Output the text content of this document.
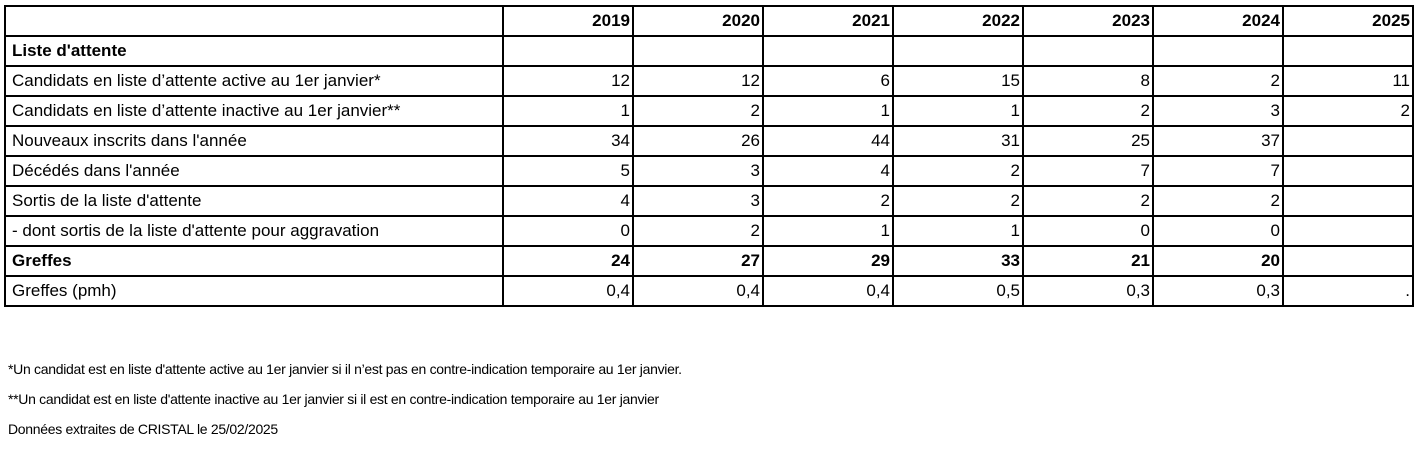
	2019	2020	2021	2022	2023	2024	2025
Liste d'attente							
Candidats en liste d’attente active au 1er janvier*	12	12	6	15	8	2	11
Candidats en liste d’attente inactive au 1er janvier**	1	2	1	1	2	3	2
Nouveaux inscrits dans l'année	34	26	44	31	25	37	
Décédés dans l'année	5	3	4	2	7	7	
Sortis de la liste d'attente	4	3	2	2	2	2	
- dont sortis de la liste d'attente pour aggravation	0	2	1	1	0	0	
Greffes	24	27	29	33	21	20	
Greffes (pmh)	0,4	0,4	0,4	0,5	0,3	0,3	.

*Un candidat est en liste d'attente active au 1er janvier si il n’est pas en contre-indication temporaire au 1er janvier.

**Un candidat est en liste d'attente inactive au 1er janvier si il est en contre-indication temporaire au 1er janvier

Données extraites de CRISTAL le 25/02/2025
